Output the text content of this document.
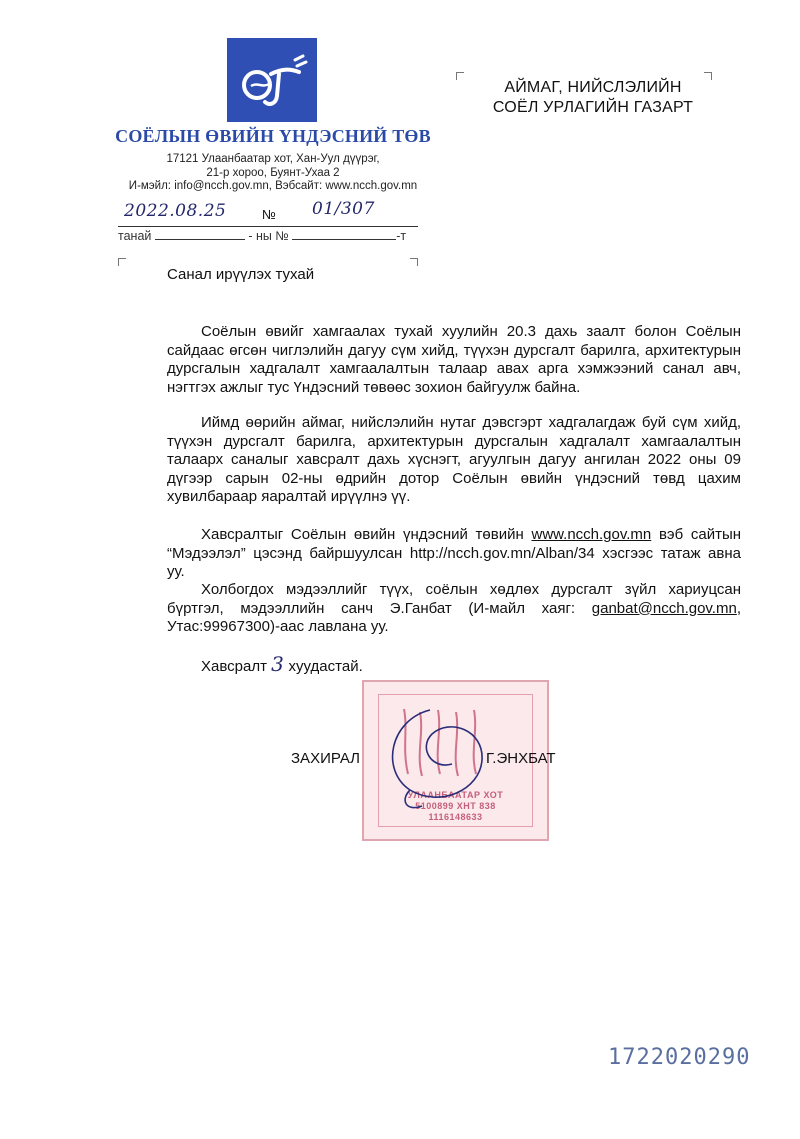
СОЁЛЫН ӨВИЙН ҮНДЭСНИЙ ТӨВ
17121 Улаанбаатар хот, Хан-Уул дүүрэг,
21-р хороо, Буянт-Ухаа 2
И-мэйл: info@ncch.gov.mn, Вэбсайт: www.ncch.gov.mn
АЙМАГ, НИЙСЛЭЛИЙН
СОЁЛ УРЛАГИЙН ГАЗАРТ
2022.08.25	№ 01/307
танай	- ны №	-т
Санал ирүүлэх тухай
Соёлын өвийг хамгаалах тухай хуулийн 20.3 дахь заалт болон Соёлын сайдаас өгсөн чиглэлийн дагуу сүм хийд, түүхэн дурсгалт барилга, архитектурын дурсгалын хадгалалт хамгаалалтын талаар авах арга хэмжээний санал авч, нэгтгэх ажлыг тус Үндэсний төвөөс зохион байгуулж байна.
Иймд өөрийн аймаг, нийслэлийн нутаг дэвсгэрт хадгалагдаж буй сүм хийд, түүхэн дурсгалт барилга, архитектурын дурсгалын хадгалалт хамгаалалтын талаарх саналыг хавсралт дахь хүснэгт, агуулгын дагуу ангилан 2022 оны 09 дүгээр сарын 02-ны өдрийн дотор Соёлын өвийн үндэсний төвд цахим хувилбараар яаралтай ирүүлнэ үү.
Хавсралтыг Соёлын өвийн үндэсний төвийн www.ncch.gov.mn вэб сайтын “Мэдээлэл” цэсэнд байршуулсан http://ncch.gov.mn/Alban/34 хэсгээс татаж авна уу.
Холбогдох мэдээллийг түүх, соёлын хөдлөх дурсгалт зүйл хариуцсан бүртгэл, мэдээллийн санч Э.Ганбат (И-майл хаяг: ganbat@ncch.gov.mn, Утас:99967300)-аас лавлана уу.
Хавсралт 3 хуудастай.
УЛААНБААТАР ХОТ
5100899 ХНТ 838
1116148633
ЗАХИРАЛ	Г.ЭНХБАТ
1722020290
